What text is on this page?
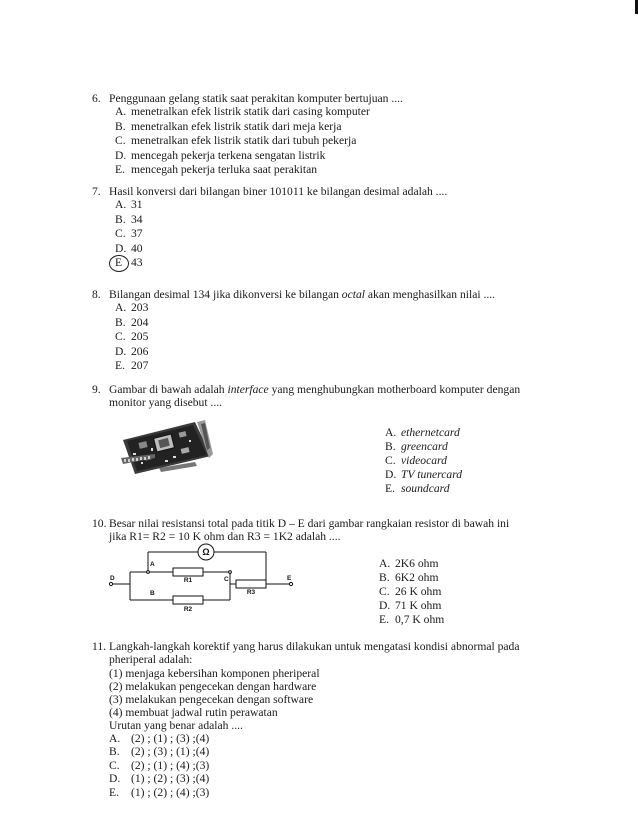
6. Penggunaan gelang statik saat perakitan komputer bertujuan ....
A. menetralkan efek listrik statik dari casing komputer
B. menetralkan efek listrik statik dari meja kerja
C. menetralkan efek listrik statik dari tubuh pekerja
D. mencegah pekerja terkena sengatan listrik
E. mencegah pekerja terluka saat perakitan
7. Hasil konversi dari bilangan biner 101011 ke bilangan desimal adalah ....
A. 31
B. 34
C. 37
D. 40
E 43
8. Bilangan desimal 134 jika dikonversi ke bilangan octal akan menghasilkan nilai ....
A. 203
B. 204
C. 205
D. 206
E. 207
9. Gambar di bawah adalah interface yang menghubungkan motherboard komputer dengan
monitor yang disebut ....
A. ethernetcard
B. greencard
C. videocard
D. TV tunercard
E. soundcard
10. Besar nilai resistansi total pada titik D – E dari gambar rangkaian resistor di bawah ini
jika R1= R2 = 10 K ohm dan R3 = 1K2 adalah ....
Ω
A
B
C
D	E
R1
R2
R3
A. 2K6 ohm
B. 6K2 ohm
C. 26 K ohm
D. 71 K ohm
E. 0,7 K ohm
11. Langkah-langkah korektif yang harus dilakukan untuk mengatasi kondisi abnormal pada
pheriperal adalah:
(1) menjaga kebersihan komponen pheriperal
(2) melakukan pengecekan dengan hardware
(3) melakukan pengecekan dengan software
(4) membuat jadwal rutin perawatan
Urutan yang benar adalah ....
A. (2) ; (1) ; (3) ;(4)
B. (2) ; (3) ; (1) ;(4)
C. (2) ; (1) ; (4) ;(3)
D. (1) ; (2) ; (3) ;(4)
E. (1) ; (2) ; (4) ;(3)
